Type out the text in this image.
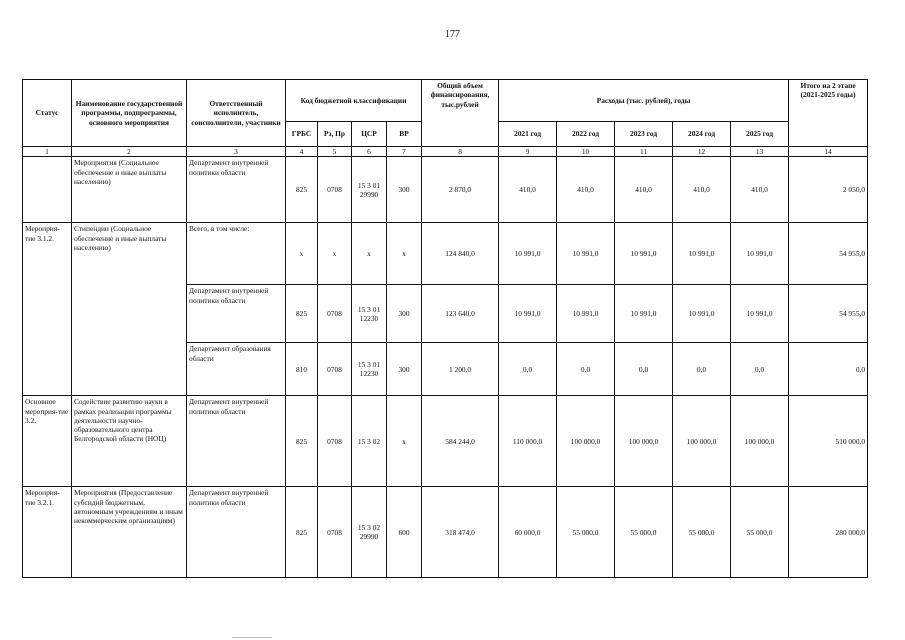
177
Статус	Наименование государственной программы, подпрограммы, основного мероприятия	Ответственный исполнитель, соисполнители, участники	Код бюджетной классификации				Общий объем финансирования, тыс.рублей	Расходы (тыс. рублей), годы					Итого на 2 этапе (2021-2025 годы)
			ГРБС	Рз, Пр	ЦСР	ВР		2021 год	2022 год	2023 год	2024 год	2025 год	
1	2	3	4	5	6	7	8	9	10	11	12	13	14
	Мероприятия (Социальное обеспечение и иные выплаты населению)	Департамент внутренней политики области	825	0708	15 3 01 29990	300	2 870,0	410,0	410,0	410,0	410,0	410,0	2 050,0
Мероприя-тие 3.1.2.	Стипендии (Социальное обеспечение и иные выплаты населению)	Всего, в том числе:	х	х	х	х	124 840,0	10 991,0	10 991,0	10 991,0	10 991,0	10 991,0	54 955,0
		Департамент внутренней политики области	825	0708	15 3 01 12230	300	123 640,0	10 991,0	10 991,0	10 991,0	10 991,0	10 991,0	54 955,0
		Департамент образования области	810	0708	15 3 01 12230	300	1 200,0	0,0	0,0	0,0	0,0	0,0	0,0
Основное мероприя-тие 3.2.	Содействие развитию науки в рамках реализации программы деятельности научно- образовательного центра Белгородской области (НОЦ)	Департамент внутренней политики области	825	0708	15 3 02	х	584 244,0	110 000,0	100 000,0	100 000,0	100 000,0	100 000,0	510 000,0
Мероприя-тие 3.2.1.	Мероприятия (Предоставление субсидий бюджетным, автономным учреждениям и иным некоммерческим организациям)	Департамент внутренней политики области	825	0708	15 3 02 29990	600	318 474,0	60 000,0	55 000,0	55 000,0	55 000,0	55 000,0	280 000,0
